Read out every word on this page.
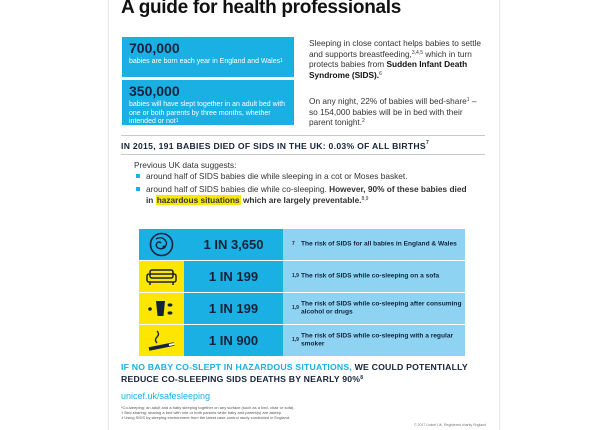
A guide for health professionals
700,000
babies are born each year in England and Wales$^1$
350,000
babies will have slept together in an adult bed with one or both parents by three months, whether intended or not$^1$
Sleeping in close contact helps babies to settle and supports breastfeeding,$^{3,4,5}$ which in turn protects babies from Sudden Infant Death Syndrome (SIDS).$^6$
On any night, 22% of babies will bed-share$^1$ – so 154,000 babies will be in bed with their parent tonight.$^2$
IN 2015, 191 BABIES DIED OF SIDS IN THE UK: 0.03% OF ALL BIRTHS$^7$
Previous UK data suggests:
around half of SIDS babies die while sleeping in a cot or Moses basket.
around half of SIDS babies die while co-sleeping. However, 90% of these babies died in hazardous situations which are largely preventable.$^{8,9}$
1 IN 3,650	The risk of SIDS for all babies in England & Wales
$^7$
1 IN 199	The risk of SIDS while co-sleeping on a sofa
$^{1,9}$
1 IN 199	The risk of SIDS while co-sleeping after consuming alcohol or drugs
$^{1,9}$
1 IN 900	The risk of SIDS while co-sleeping with a regular smoker
$^{1,9}$
IF NO BABY CO-SLEPT IN HAZARDOUS SITUATIONS, WE COULD POTENTIALLY REDUCE CO-SLEEPING SIDS DEATHS BY NEARLY 90%$^8$
unicef.uk/safesleeping
*Co-sleeping: an adult and a baby sleeping together on any surface (such as a bed, chair or sofa).
† Bed-sharing: sharing a bed with one or both parents while baby and parent(s) are asleep.
‡ Using SIDS by sleeping environment from the latest case-control study conducted in England.
© 2017 Unicef UK. Registered charity England
